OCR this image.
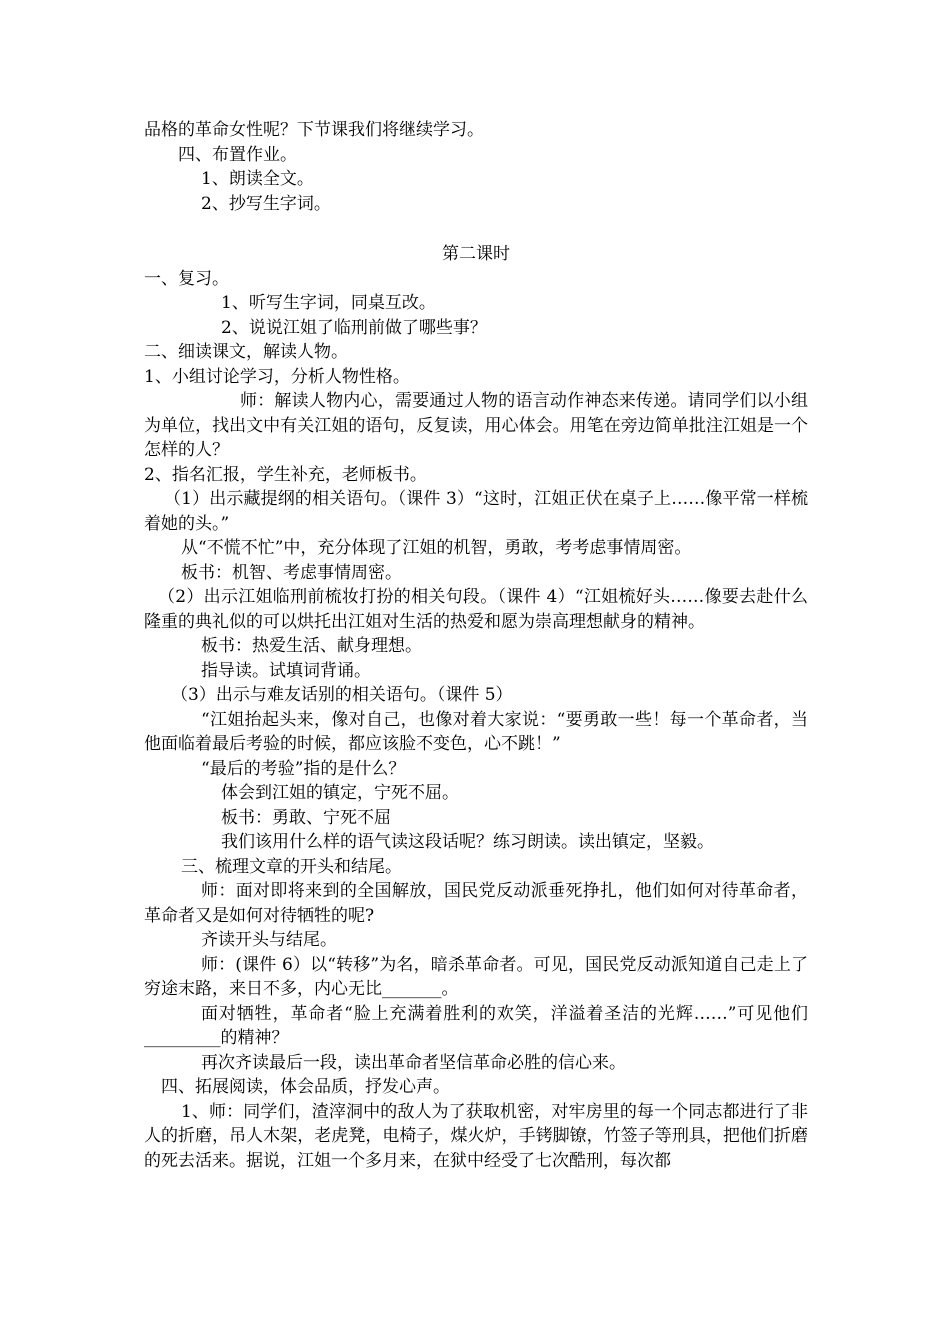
品格的革命女性呢？下节课我们将继续学习。

四、布置作业。

1、朗读全文。

2、抄写生字词。

第二课时

一、复习。

1、听写生字词，同桌互改。

2、说说江姐了临刑前做了哪些事？

二、细读课文，解读人物。

1、小组讨论学习，分析人物性格。

师：解读人物内心，需要通过人物的语言动作神态来传递。请同学们以小组为单位，找出文中有关江姐的语句，反复读，用心体会。用笔在旁边简单批注江姐是一个怎样的人？

2、指名汇报，学生补充，老师板书。

（1）出示藏提纲的相关语句。（课件 3）“这时，江姐正伏在桌子上……像平常一样梳着她的头。”

从“不慌不忙”中，充分体现了江姐的机智，勇敢，考考虑事情周密。

板书：机智、考虑事情周密。

（2）出示江姐临刑前梳妆打扮的相关句段。（课件 4）“江姐梳好头……像要去赴什么隆重的典礼似的可以烘托出江姐对生活的热爱和愿为崇高理想献身的精神。

板书：热爱生活、献身理想。

指导读。试填词背诵。

（3）出示与难友话别的相关语句。（课件 5）

“江姐抬起头来，像对自己，也像对着大家说：“要勇敢一些！每一个革命者，当他面临着最后考验的时候，都应该脸不变色，心不跳！”

“最后的考验”指的是什么？

体会到江姐的镇定，宁死不屈。

板书：勇敢、宁死不屈

我们该用什么样的语气读这段话呢？练习朗读。读出镇定，坚毅。

三、梳理文章的开头和结尾。

师：面对即将来到的全国解放，国民党反动派垂死挣扎，他们如何对待革命者，革命者又是如何对待牺牲的呢?

齐读开头与结尾。

师：(课件 6）以“转移”为名，暗杀革命者。可见，国民党反动派知道自己走上了穷途末路，来日不多，内心无比_______。

面对牺牲，革命者“脸上充满着胜利的欢笑，洋溢着圣洁的光辉……”可见他们_________的精神？

再次齐读最后一段，读出革命者坚信革命必胜的信心来。

四、拓展阅读，体会品质，抒发心声。

1、师：同学们，渣滓洞中的敌人为了获取机密，对牢房里的每一个同志都进行了非人的折磨，吊人木架，老虎凳，电椅子，煤火炉，手铐脚镣，竹签子等刑具，把他们折磨的死去活来。据说，江姐一个多月来，在狱中经受了七次酷刑，每次都
